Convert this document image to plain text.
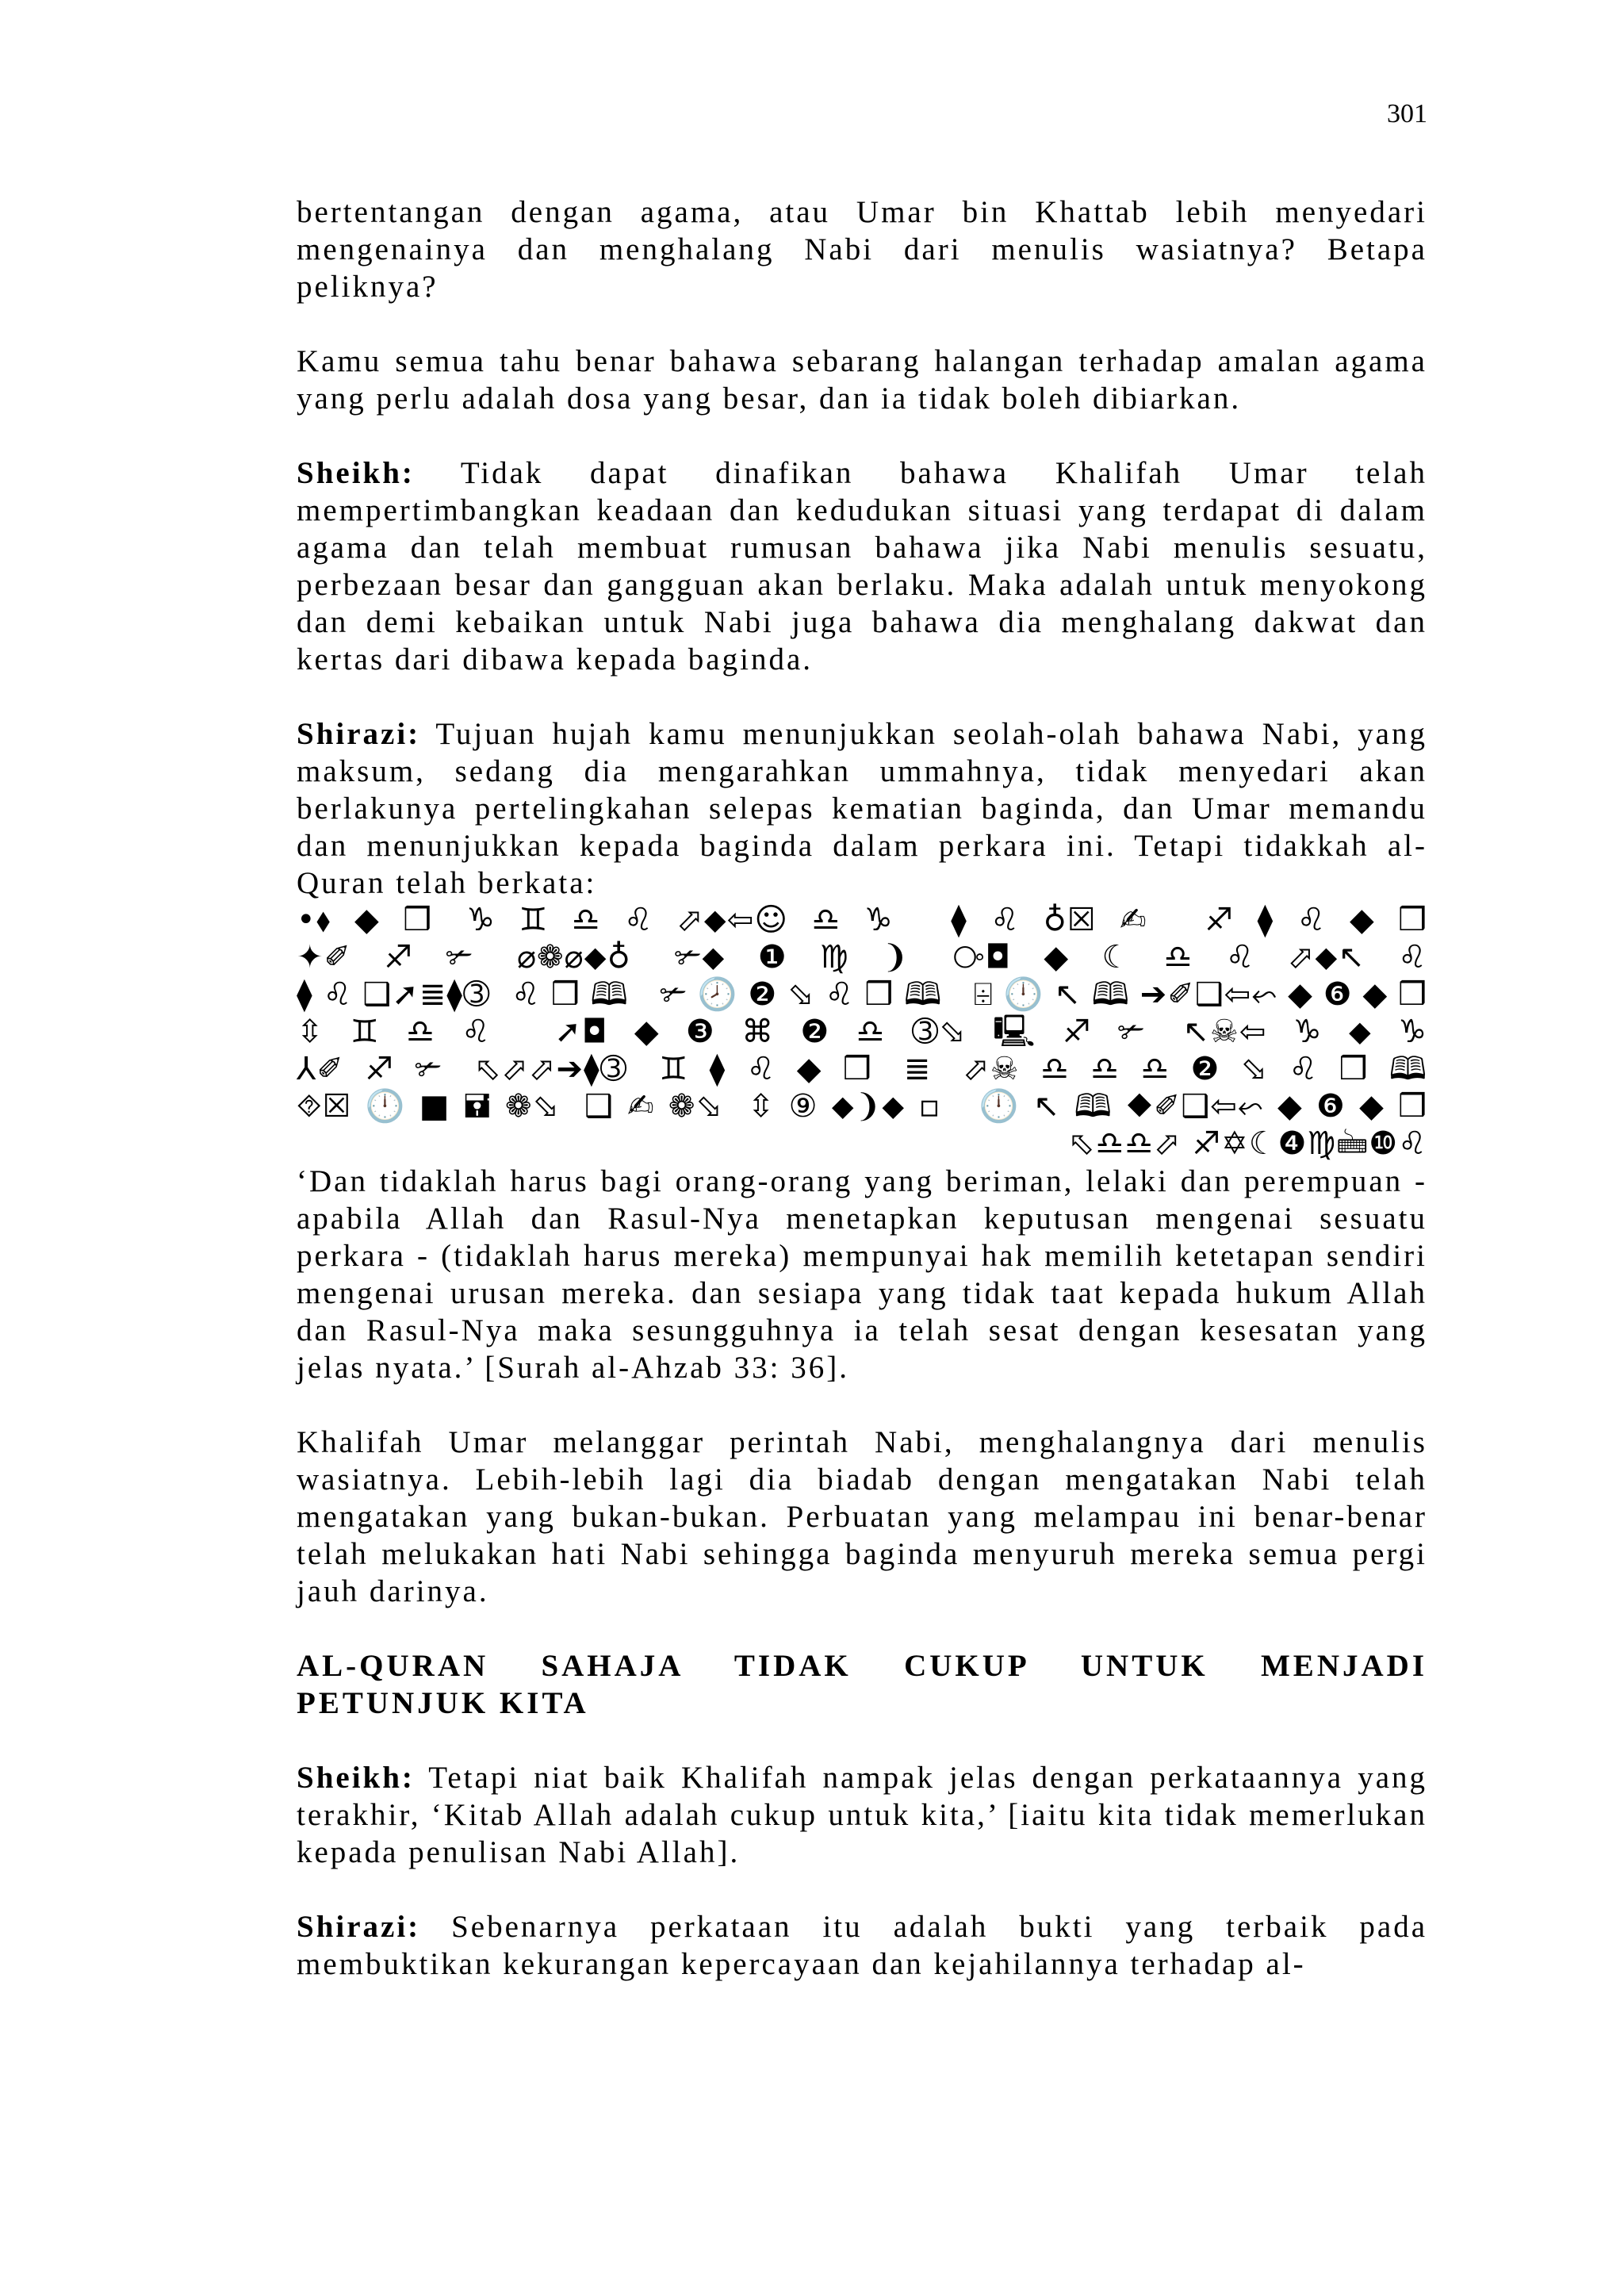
301

bertentangan dengan agama, atau Umar bin Khattab lebih menyedari mengenainya dan menghalang Nabi dari menulis wasiatnya? Betapa peliknya?

Kamu semua tahu benar bahawa sebarang halangan terhadap amalan agama yang perlu adalah dosa yang besar, dan ia tidak boleh dibiarkan.

Sheikh: Tidak dapat dinafikan bahawa Khalifah Umar telah mempertimbangkan keadaan dan kedudukan situasi yang terdapat di dalam agama dan telah membuat rumusan bahawa jika Nabi menulis sesuatu, perbezaan besar dan gangguan akan berlaku. Maka adalah untuk menyokong dan demi kebaikan untuk Nabi juga bahawa dia menghalang dakwat dan kertas dari dibawa kepada baginda.

Shirazi: Tujuan hujah kamu menunjukkan seolah-olah bahawa Nabi, yang maksum, sedang dia mengarahkan ummahnya, tidak menyedari akan berlakunya pertelingkahan selepas kematian baginda, dan Umar memandu dan menunjukkan kepada baginda dalam perkara ini. Tetapi tidakkah al-Quran telah berkata:

•⬧◆❒ ♑♊♎♌⬀⬥⇦☺♎♑ ⧫♌♁☒✍ ♐⧫♌◆❒
✦✐♐✃ ⌀❁⌀⬥♁ ✃⬥❶♍❩ ⧂◘◆☾♎♌⬀⬥↖♌
⧫♌❑➚≣⧫➂ ♌❒🕮 ✃🕗❷⬂♌❒🕮 ⌹🕛↖🕮➔✐❑⇦⬿◆❻◆❒
⇳♊♎♌ ➚◘◆❸⌘❷♎➂⬂🖳♐✃ ↖☠⇦♑⬥♑
⅄✐♐✃ ⬁⬀⬀➔⧫➂ ♊⧫♌◆❒ ≣ ⬀☠♎♎♎❷⬂♌❒🕮
⯑☒🕛■🖬❁⬂ ❑✍❁⬂ ⇳⑨⬥❩⬥▫ 🕛↖🕮⬥✐❑⇦⬿◆❻◆❒
⬁♎♎⬀ ♐✡☾❹♍🖮❿♌

‘Dan tidaklah harus bagi orang-orang yang beriman, lelaki dan perempuan - apabila Allah dan Rasul-Nya menetapkan keputusan mengenai sesuatu perkara - (tidaklah harus mereka) mempunyai hak memilih ketetapan sendiri mengenai urusan mereka. dan sesiapa yang tidak taat kepada hukum Allah dan Rasul-Nya maka sesungguhnya ia telah sesat dengan kesesatan yang jelas nyata.’ [Surah al-Ahzab 33: 36].

Khalifah Umar melanggar perintah Nabi, menghalangnya dari menulis wasiatnya. Lebih-lebih lagi dia biadab dengan mengatakan Nabi telah mengatakan yang bukan-bukan. Perbuatan yang melampau ini benar-benar telah melukakan hati Nabi sehingga baginda menyuruh mereka semua pergi jauh darinya.

AL-QURAN SAHAJA TIDAK CUKUP UNTUK MENJADI
PETUNJUK KITA

Sheikh: Tetapi niat baik Khalifah nampak jelas dengan perkataannya yang terakhir, ‘Kitab Allah adalah cukup untuk kita,’ [iaitu kita tidak memerlukan kepada penulisan Nabi Allah].

Shirazi: Sebenarnya perkataan itu adalah bukti yang terbaik pada membuktikan kekurangan kepercayaan dan kejahilannya terhadap al-
